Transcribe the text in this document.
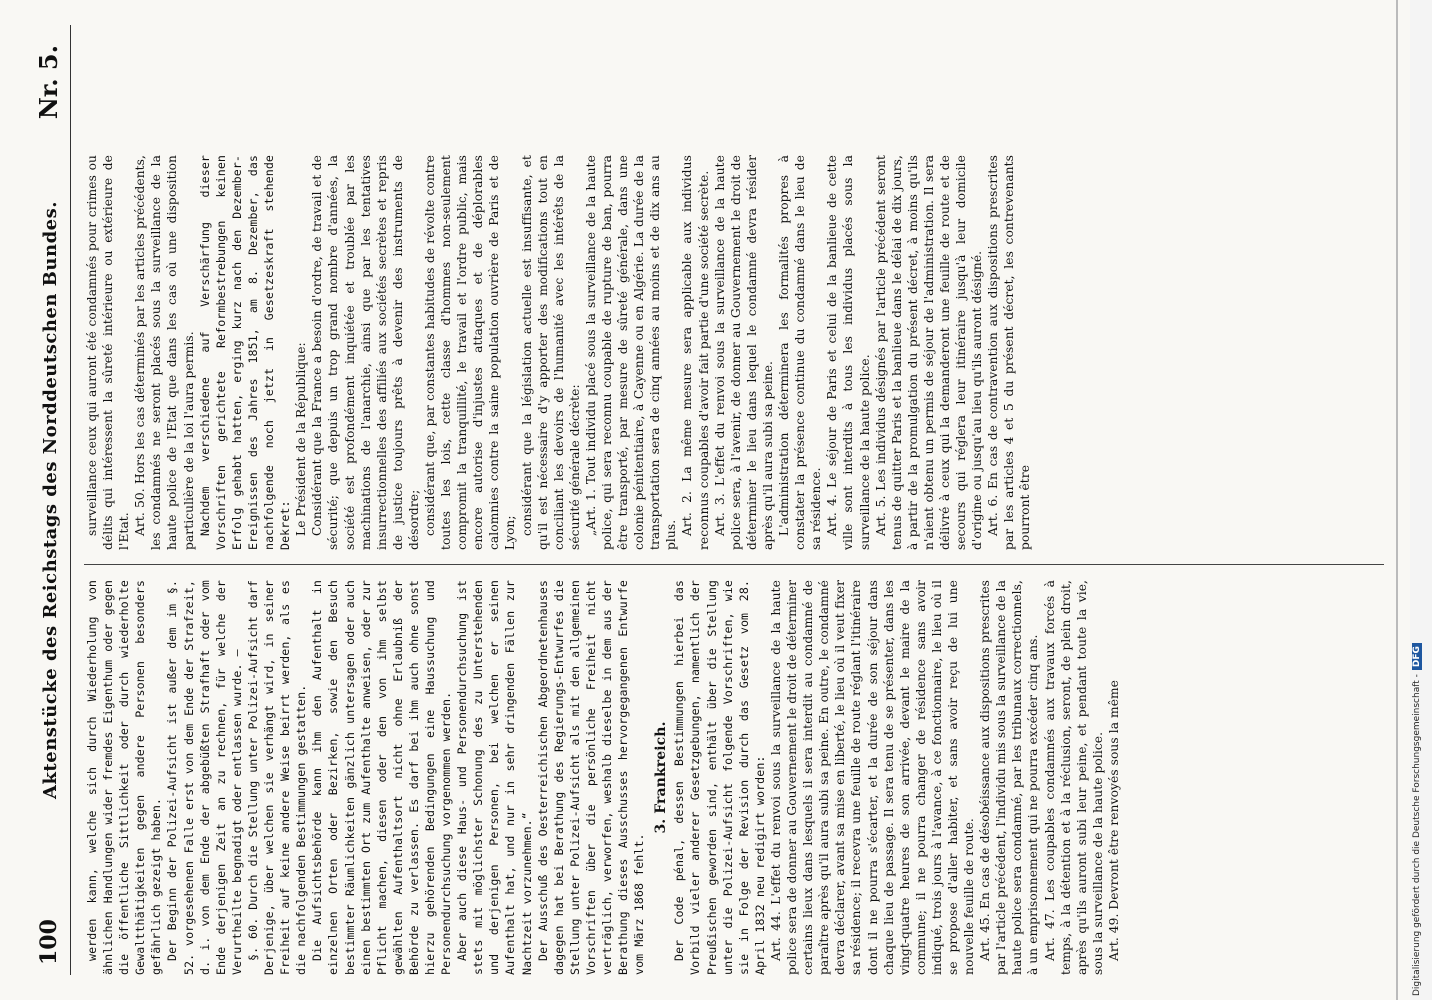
100
Aktenstücke des Reichstags des Norddeutschen Bundes.
Nr. 5.

werden kann, welche sich durch Wiederholung von ähnlichen Handlungen wider fremdes Eigenthum oder gegen die öffentliche Sittlichkeit oder durch wiederholte Gewaltthätigkeiten gegen andere Personen besonders gefährlich gezeigt haben. Der Beginn der Polizei-Aufsicht ist außer dem im §. 52. vorgesehenen Falle erst von dem Ende der Strafzeit, d. i. von dem Ende der abgebüßten Strafhaft oder vom Ende derjenigen Zeit an zu rechnen, für welche der Verurtheilte begnadigt oder entlassen wurde. — §. 60. Durch die Stellung unter Polizei-Aufsicht darf Derjenige, über welchen sie verhängt wird, in seiner Freiheit auf keine andere Weise beirrt werden, als es die nachfolgenden Bestimmungen gestatten. Die Aufsichtsbehörde kann ihm den Aufenthalt in einzelnen Orten oder Bezirken, sowie den Besuch bestimmter Räumlichkeiten gänzlich untersagen oder auch einen bestimmten Ort zum Aufenthalte anweisen, oder zur Pflicht machen, diesen oder den von ihm selbst gewählten Aufenthaltsort nicht ohne Erlaubniß der Behörde zu verlassen. Es darf bei ihm auch ohne sonst hierzu gehörenden Bedingungen eine Haussuchung und Personendurchsuchung vorgenommen werden. Aber auch diese Haus- und Personendurchsuchung ist stets mit möglichster Schonung des zu Unterstehenden und derjenigen Personen, bei welchen er seinen Aufenthalt hat, und nur in sehr dringenden Fällen zur Nachtzeit vorzunehmen.“ Der Ausschuß des Oesterreichischen Abgeordnetenhauses dagegen hat bei Berathung des Regierungs-Entwurfes die Stellung unter Polizei-Aufsicht als mit den allgemeinen Vorschriften über die persönliche Freiheit nicht verträglich, verworfen, weshalb dieselbe in dem aus der Berathung dieses Ausschusses hervorgegangenen Entwurfe vom März 1868 fehlt.

3. Frankreich. Der Code pénal, dessen Bestimmungen hierbei das Vorbild vieler anderer Gesetzgebungen, namentlich der Preußischen geworden sind, enthält über die Stellung unter die Polizei-Aufsicht folgende Vorschriften, wie sie in Folge der Revision durch das Gesetz vom 28. April 1832 neu redigirt worden: Art. 44. L'effet du renvoi sous la surveillance de la haute police sera de donner au Gouvernement le droit de déterminer certains lieux dans lesquels il sera interdit au condamné de paraître après qu'il aura subi sa peine. En outre, le condamné devra déclarer, avant sa mise en liberté, le lieu où il veut fixer sa résidence; il recevra une feuille de route réglant l'itinéraire dont il ne pourra s'écarter, et la durée de son séjour dans chaque lieu de passage. Il sera tenu de se présenter, dans les vingt-quatre heures de son arrivée, devant le maire de la commune; il ne pourra changer de résidence sans avoir indiqué, trois jours à l'avance, à ce fonctionnaire, le lieu où il se propose d'aller habiter, et sans avoir reçu de lui une nouvelle feuille de route. Art. 45. En cas de désobéissance aux dispositions prescrites par l'article précédent, l'individu mis sous la surveillance de la haute police sera condamné, par les tribunaux correctionnels, à un emprisonnement qui ne pourra excéder cinq ans. Art. 47. Les coupables condamnés aux travaux forcés à temps, à la détention et à la réclusion, seront, de plein droit, après qu'ils auront subi leur peine, et pendant toute la vie, sous la surveillance de la haute police. Art. 49. Devront être renvoyés sous la même

surveillance ceux qui auront été condamnés pour crimes ou délits qui intéressent la sûreté intérieure ou extérieure de l'Etat. Art. 50. Hors les cas déterminés par les articles précédents, les condamnés ne seront placés sous la surveillance de la haute police de l'Etat que dans les cas où une disposition particulière de la loi l'aura permis. Nachdem verschiedene auf Verschärfung dieser Vorschriften gerichtete Reformbestrebungen keinen Erfolg gehabt hatten, erging kurz nach den Dezember-Ereignissen des Jahres 1851, am 8. Dezember, das nachfolgende noch jetzt in Gesetzeskraft stehende Dekret: Le Président de la République: Considérant que la France a besoin d'ordre, de travail et de sécurité; que depuis un trop grand nombre d'années, la société est profondément inquiétée et troublée par les machinations de l'anarchie, ainsi que par les tentatives insurrectionnelles des affiliés aux sociétés secrètes et repris de justice toujours prêts à devenir des instruments de désordre; considérant que, par constantes habitudes de révolte contre toutes les lois, cette classe d'hommes non-seulement compromit la tranquillité, le travail et l'ordre public, mais encore autorise d'injustes attaques et de déplorables calomnies contre la saine population ouvrière de Paris et de Lyon; considérant que la législation actuelle est insuffisante, et qu'il est nécessaire d'y apporter des modifications tout en conciliant les devoirs de l'humanité avec les intérêts de la sécurité générale décrète: „Art. 1. Tout individu placé sous la surveillance de la haute police, qui sera reconnu coupable de rupture de ban, pourra être transporté, par mesure de sûreté générale, dans une colonie pénitentiaire, à Cayenne ou en Algérie. La durée de la transportation sera de cinq années au moins et de dix ans au plus. Art. 2. La même mesure sera applicable aux individus reconnus coupables d'avoir fait partie d'une société secrète. Art. 3. L'effet du renvoi sous la surveillance de la haute police sera, à l'avenir, de donner au Gouvernement le droit de déterminer le lieu dans lequel le condamné devra résider après qu'il aura subi sa peine. L'administration déterminera les formalités propres à constater la présence continue du condamné dans le lieu de sa résidence. Art. 4. Le séjour de Paris et celui de la banlieue de cette ville sont interdits à tous les individus placés sous la surveillance de la haute police. Art. 5. Les individus désignés par l'article précédent seront tenus de quitter Paris et la banlieue dans le délai de dix jours, à partir de la promulgation du présent décret, à moins qu'ils n'aient obtenu un permis de séjour de l'administration. Il sera délivré à ceux qui la demanderont une feuille de route et de secours qui réglera leur itinéraire jusqu'à leur domicile d'origine ou jusqu'au lieu qu'ils auront désigné. Art. 6. En cas de contravention aux dispositions prescrites par les articles 4 et 5 du présent décret, les contrevenants pourront être

Digitalisierung gefördert durch die Deutsche Forschungsgemeinschaft -DFG
